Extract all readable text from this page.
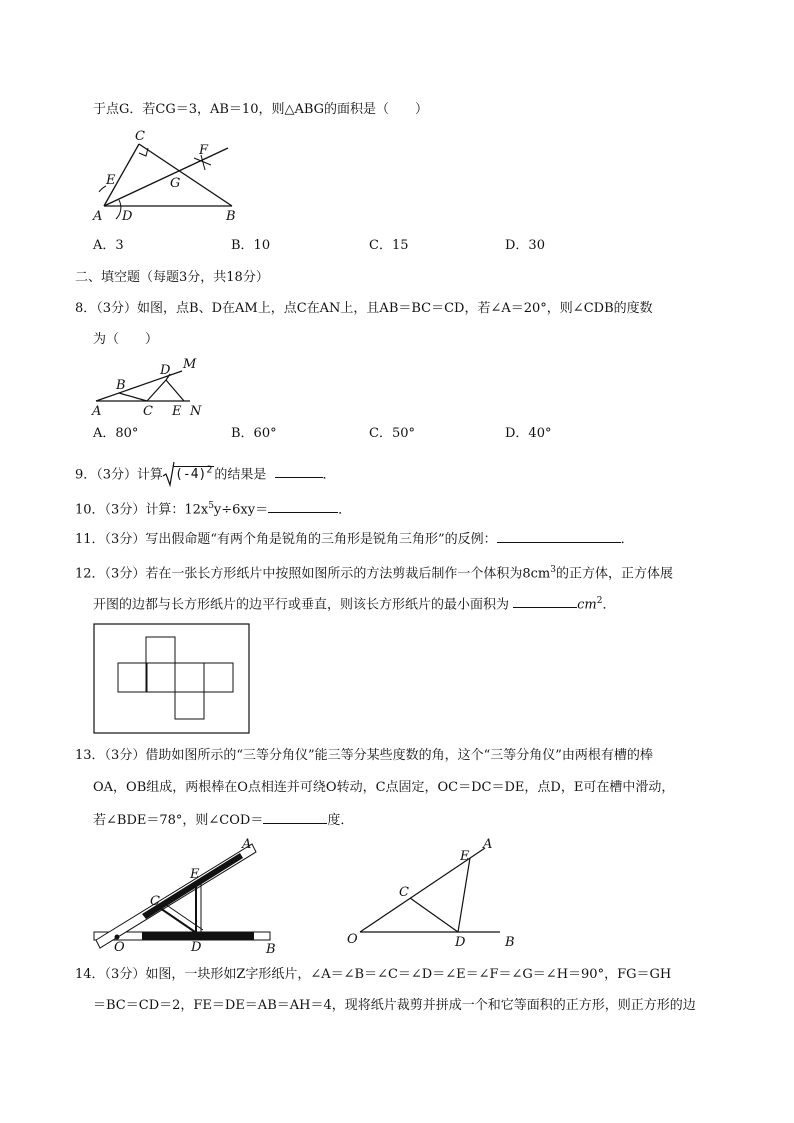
于点G．若CG＝3，AB＝10，则△ABG的面积是（　　）
C
E
F
G
A D	B
A．3	B．10	C．15	D．30
二、填空题（每题3分，共18分）
8．（3分）如图，点B、D在AM上，点C在AN上，且AB＝BC＝CD，若∠A＝20°，则∠CDB的度数
为（　　）
B
D M
A	C E N
A．80°	B．60°	C．50°	D．40°
9．（3分）计算 $(-4)^2$ 的结果是	．
10．（3分）计算：$12x^5y\div 6xy=$	．
11．（3分）写出假命题“有两个角是锐角的三角形是锐角三角形”的反例：	．
12．（3分）若在一张长方形纸片中按照如图所示的方法剪裁后制作一个体积为$8cm^3$的正方体，正方体展
开图的边都与长方形纸片的边平行或垂直，则该长方形纸片的最小面积为	$cm^2$．
13．（3分）借助如图所示的“三等分角仪”能三等分某些度数的角，这个“三等分角仪”由两根有槽的棒
OA，OB组成，两根棒在O点相连并可绕O转动，C点固定，OC＝DC＝DE，点D，E可在槽中滑动，
若∠BDE＝78°，则∠COD＝	度．
A
E
C
O	D	B
A
E
C
O	D	B
14．（3分）如图，一块形如Z字形纸片，∠A＝∠B＝∠C＝∠D＝∠E＝∠F＝∠G＝∠H＝90°，FG＝GH
＝BC＝CD＝2，FE＝DE＝AB＝AH＝4，现将纸片裁剪并拼成一个和它等面积的正方形，则正方形的边
